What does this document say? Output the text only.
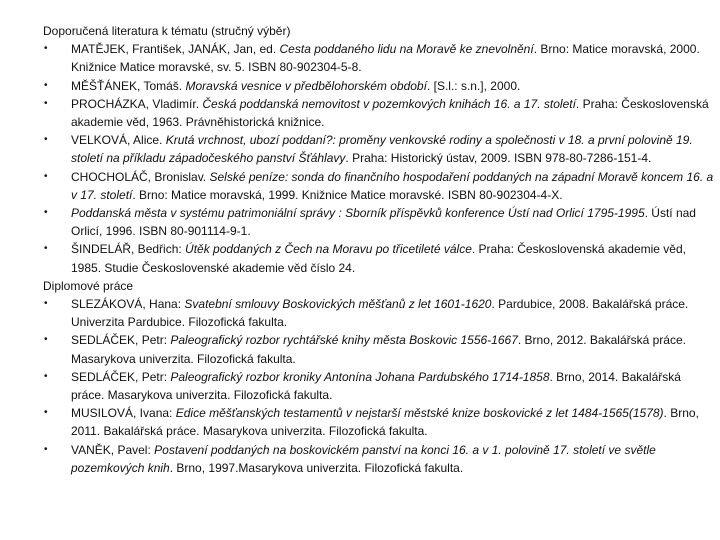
Doporučená literatura k tématu (stručný výběr)
• MATĚJEK, František, JANÁK, Jan, ed. Cesta poddaného lidu na Moravě ke znevolnění. Brno: Matice moravská, 2000. Knižnice Matice moravské, sv. 5. ISBN 80-902304-5-8.
• MĚŠŤÁNEK, Tomáš. Moravská vesnice v předbělohorském období. [S.l.: s.n.], 2000.
• PROCHÁZKA, Vladimír. Česká poddanská nemovitost v pozemkových knihách 16. a 17. století. Praha: Československá akademie věd, 1963. Právněhistorická knižnice.
• VELKOVÁ, Alice. Krutá vrchnost, ubozí poddaní?: proměny venkovské rodiny a společnosti v 18. a první polovině 19. století na příkladu západočeského panství Šťáhlavy. Praha: Historický ústav, 2009. ISBN 978-80-7286-151-4.
• CHOCHOLÁČ, Bronislav. Selské peníze: sonda do finančního hospodaření poddaných na západní Moravě koncem 16. a v 17. století. Brno: Matice moravská, 1999. Knižnice Matice moravské. ISBN 80-902304-4-X.
• Poddanská města v systému patrimoniální správy : Sborník příspěvků konference Ústí nad Orlicí 1795-1995. Ústí nad Orlicí, 1996. ISBN 80-901114-9-1.
• ŠINDELÁŘ, Bedřich: Útěk poddaných z Čech na Moravu po třicetileté válce. Praha: Československá akademie věd, 1985. Studie Československé akademie věd číslo 24.
Diplomové práce
• SLEZÁKOVÁ, Hana: Svatební smlouvy Boskovických měšťanů z let 1601-1620. Pardubice, 2008. Bakalářská práce. Univerzita Pardubice. Filozofická fakulta.
• SEDLÁČEK, Petr: Paleografický rozbor rychtářské knihy města Boskovic 1556-1667. Brno, 2012. Bakalářská práce. Masarykova univerzita. Filozofická fakulta.
• SEDLÁČEK, Petr: Paleografický rozbor kroniky Antonína Johana Pardubského 1714-1858. Brno, 2014. Bakalářská práce. Masarykova univerzita. Filozofická fakulta.
• MUSILOVÁ, Ivana: Edice měšťanských testamentů v nejstarší městské knize boskovické z let 1484-1565(1578). Brno, 2011. Bakalářská práce. Masarykova univerzita. Filozofická fakulta.
• VANĚK, Pavel: Postavení poddaných na boskovickém panství na konci 16. a v 1. polovině 17. století ve světle pozemkových knih. Brno, 1997.Masarykova univerzita. Filozofická fakulta.
